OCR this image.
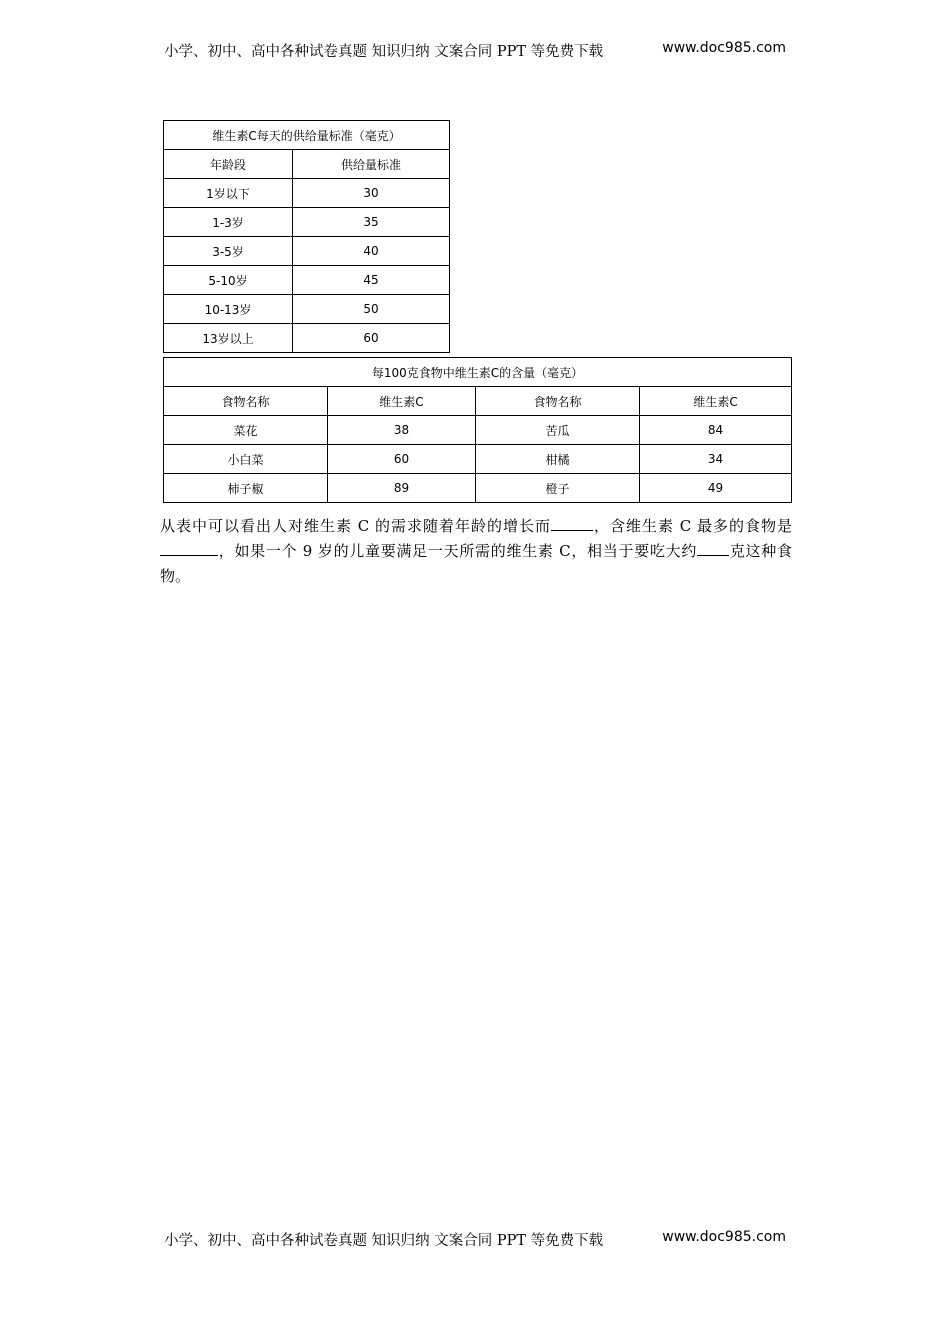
小学、初中、高中各种试卷真题 知识归纳 文案合同 PPT 等免费下载	www.doc985.com
维生素C每天的供给量标准（毫克）	
年龄段	供给量标准
1岁以下	30
1-3岁	35
3-5岁	40
5-10岁	45
10-13岁	50
13岁以上	60
每100克食物中维生素C的含量（毫克）			
食物名称	维生素C	食物名称	维生素C
菜花	38	苦瓜	84
小白菜	60	柑橘	34
柿子椒	89	橙子	49
从表中可以看出人对维生素 C 的需求随着年龄的增长而	，含维生素 C 最多的食物是，如果一个 9 岁的儿童要满足一天所需的维生素 C，相当于要吃大约 克这种食物。
小学、初中、高中各种试卷真题 知识归纳 文案合同 PPT 等免费下载	www.doc985.com
